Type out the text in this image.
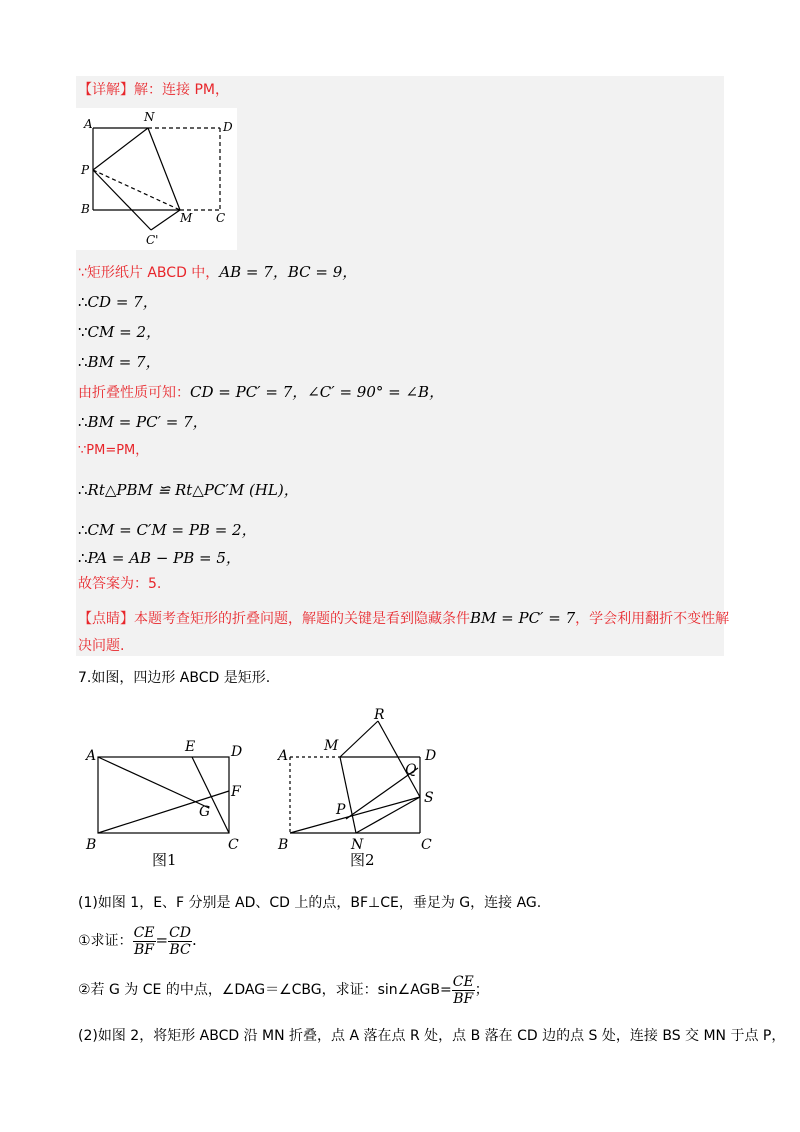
【详解】解：连接 PM，
A	N
D
P
B
M C
C'
∵矩形纸片 ABCD 中，AB = 7，BC = 9，
∴CD = 7，
∵CM = 2，
∴BM = 7，
由折叠性质可知：CD = PC′ = 7，∠C′ = 90° = ∠B，
∴BM = PC′ = 7，
∵PM=PM，
∴Rt△PBM ≌ Rt△PC′M (HL)，
∴CM = C′M = PB = 2，
∴PA = AB − PB = 5，
故答案为：5.
【点睛】本题考查矩形的折叠问题，解题的关键是看到隐藏条件BM = PC′ = 7，学会利用翻折不变性解
决问题.
7.如图，四边形 ABCD 是矩形.
A
E	D
F
G
B	C
R
A
M
D
Q
S
P
B	N	C
图1	图2
(1)如图 1，E、F 分别是 AD、CD 上的点，BF⊥CE，垂足为 G，连接 AG.
①求证： $\frac{CE}{BF} = \frac{CD}{BC}$ .
②若 G 为 CE 的中点，∠DAG＝∠CBG，求证：sin∠AGB= $\frac{CE}{BF}$ ；
(2)如图 2，将矩形 ABCD 沿 MN 折叠，点 A 落在点 R 处，点 B 落在 CD 边的点 S 处，连接 BS 交 MN 于点 P，
